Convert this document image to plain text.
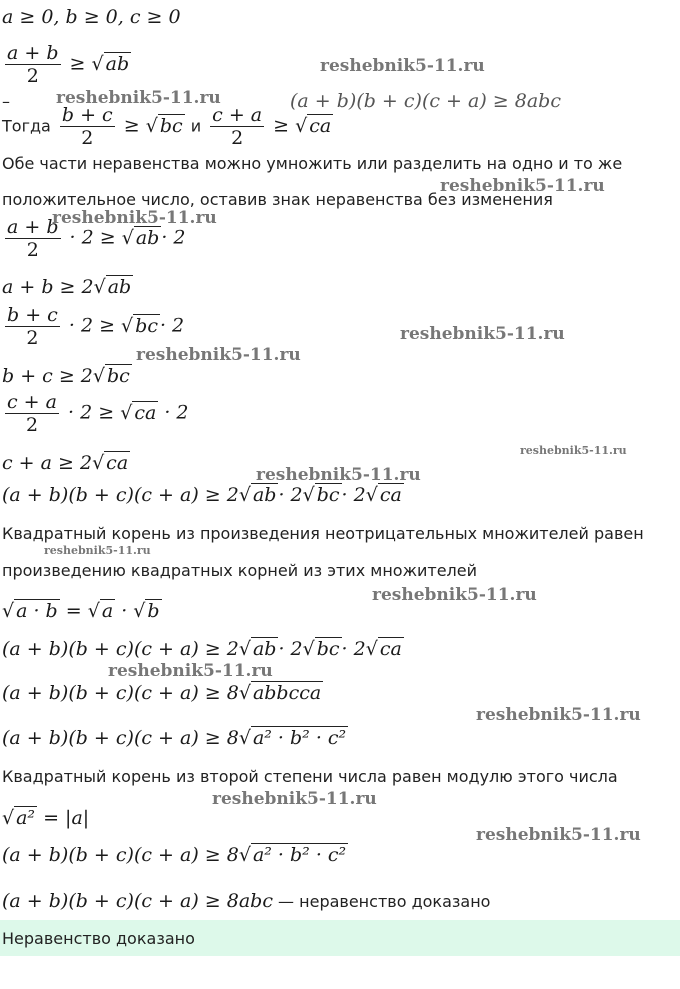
a ≥ 0, b ≥ 0, c ≥ 0
$\frac{a + b}{2}$ ≥ √ ab
(a + b)(b + c)(c + a) ≥ 8abc
–
Тогда $\frac{b + c}{2}$ ≥ √ bc и $\frac{c + a}{2}$ ≥ √ ca
Обе части неравенства можно умножить или разделить на одно и то же
положительное число, оставив знак неравенства без изменения
$\frac{a + b}{2} \cdot 2$ ≥ √ ab · 2
a + b ≥ 2√ ab
$\frac{b + c}{2} \cdot 2$ ≥ √ bc · 2
b + c ≥ 2√ bc
$\frac{c + a}{2} \cdot 2$ ≥ √ ca · 2
c + a ≥ 2√ ca
(a + b)(b + c)(c + a) ≥ 2√ ab · 2√ bc · 2√ ca
Квадратный корень из произведения неотрицательных множителей равен
произведению квадратных корней из этих множителей
√ a · b = √ a · √ b
(a + b)(b + c)(c + a) ≥ 2√ ab · 2√ bc · 2√ ca
(a + b)(b + c)(c + a) ≥ 8√ abbcca
(a + b)(b + c)(c + a) ≥ 8√ a² · b² · c²
Квадратный корень из второй степени числа равен модулю этого числа
√ a² = |a|
(a + b)(b + c)(c + a) ≥ 8√ a² · b² · c²
(a + b)(b + c)(c + a) ≥ 8abc — неравенство доказано
Неравенство доказано
reshebnik5-11.ru
reshebnik5-11.ru
reshebnik5-11.ru
reshebnik5-11.ru
reshebnik5-11.ru
reshebnik5-11.ru
reshebnik5-11.ru
reshebnik5-11.ru
reshebnik5-11.ru
reshebnik5-11.ru
reshebnik5-11.ru
reshebnik5-11.ru
reshebnik5-11.ru
reshebnik5-11.ru
